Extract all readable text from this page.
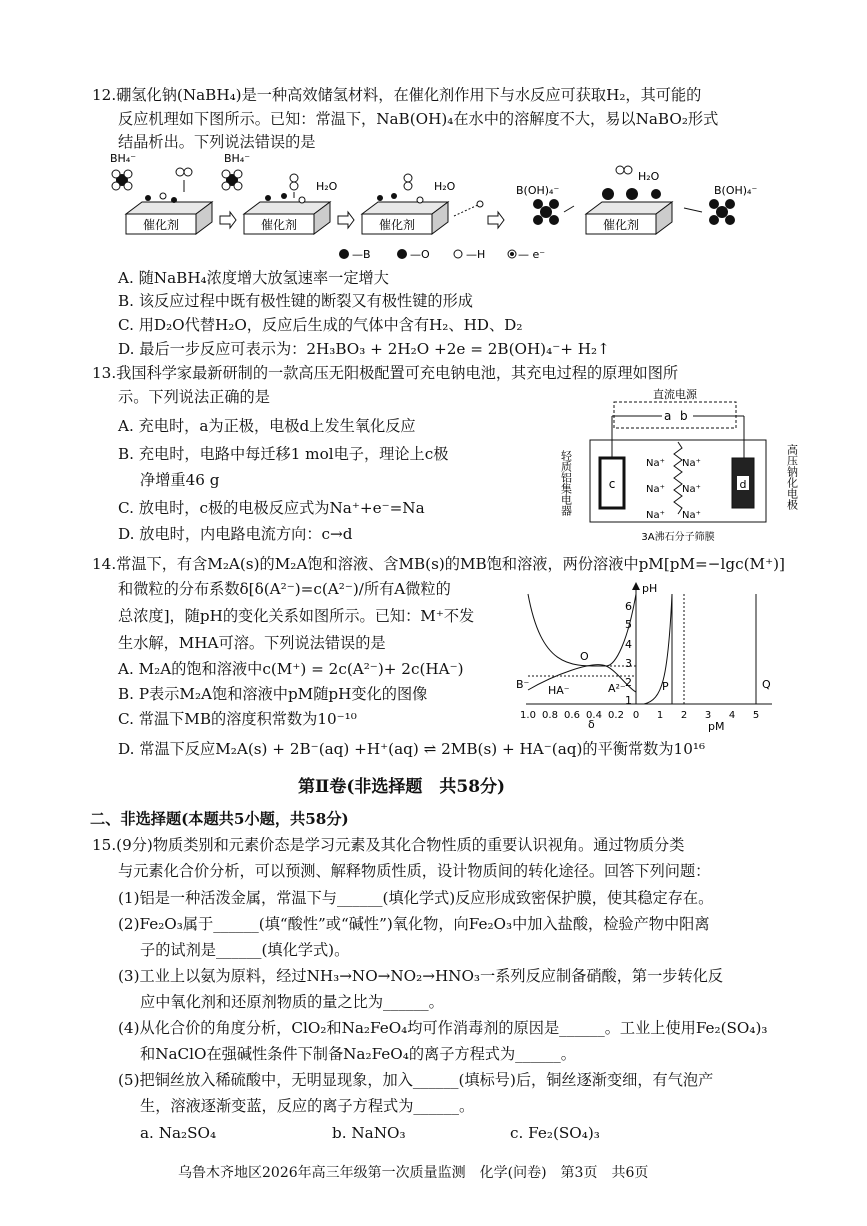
12.硼氢化钠(NaBH₄)是一种高效储氢材料，在催化剂作用下与水反应可获取H₂，其可能的
反应机理如下图所示。已知：常温下，NaB(OH)₄在水中的溶解度不大，易以NaBO₂形式
结晶析出。下列说法错误的是
催化剂	催化剂	催化剂	催化剂
BH₄⁻	BH₄⁻
H₂O	H₂O	B(OH)₄⁻
H₂O
B(OH)₄⁻
—B	—O	—H	— e⁻
A. 随NaBH₄浓度增大放氢速率一定增大
B. 该反应过程中既有极性键的断裂又有极性键的形成
C. 用D₂O代替H₂O，反应后生成的气体中含有H₂、HD、D₂
D. 最后一步反应可表示为：2H₃BO₃ + 2H₂O +2e = 2B(OH)₄⁻+ H₂↑
13.我国科学家最新研制的一款高压无阳极配置可充电钠电池，其充电过程的原理如图所
示。下列说法正确的是
A. 充电时，a为正极，电极d上发生氧化反应
B. 充电时，电路中每迁移1 mol电子，理论上c极
净增重46 g
C. 放电时，c极的电极反应式为Na⁺+e⁻=Na
D. 放电时，内电路电流方向：c→d
直流电源
a b
c	d
Na⁺ Na⁺
Na⁺ Na⁺
Na⁺ Na⁺
轻质铝集电器	高压钠化电极
3A沸石分子筛膜
14.常温下，有含M₂A(s)的M₂A饱和溶液、含MB(s)的MB饱和溶液，两份溶液中pM[pM=−lgc(M⁺)]
和微粒的分布系数δ[δ(A²⁻)=c(A²⁻)/所有A微粒的
总浓度]，随pH的变化关系如图所示。已知：M⁺不发
生水解，MHA可溶。下列说法错误的是
A. M₂A的饱和溶液中c(M⁺) = 2c(A²⁻)+ 2c(HA⁻)
B. P表示M₂A饱和溶液中pM随pH变化的图像
C. 常温下MB的溶度积常数为10⁻¹⁰
D. 常温下反应M₂A(s) + 2B⁻(aq) +H⁺(aq) ⇌ 2MB(s) + HA⁻(aq)的平衡常数为10¹⁶
pH
6
5
4
3
2
1
1.0 0.8 0.6 0.4 0.2 0 1 2 3 4 5
δ	pM
B⁻ HA⁻
O
A²⁻	P	Q
第Ⅱ卷(非选择题　共58分)
二、非选择题(本题共5小题，共58分)
15.(9分)物质类别和元素价态是学习元素及其化合物性质的重要认识视角。通过物质分类
与元素化合价分析，可以预测、解释物质性质，设计物质间的转化途径。回答下列问题：
(1)铝是一种活泼金属，常温下与______(填化学式)反应形成致密保护膜，使其稳定存在。
(2)Fe₂O₃属于______(填“酸性”或“碱性”)氧化物，向Fe₂O₃中加入盐酸，检验产物中阳离
子的试剂是______(填化学式)。
(3)工业上以氨为原料，经过NH₃→NO→NO₂→HNO₃一系列反应制备硝酸，第一步转化反
应中氧化剂和还原剂物质的量之比为______。
(4)从化合价的角度分析，ClO₂和Na₂FeO₄均可作消毒剂的原因是______。工业上使用Fe₂(SO₄)₃
和NaClO在强碱性条件下制备Na₂FeO₄的离子方程式为______。
(5)把铜丝放入稀硫酸中，无明显现象，加入______(填标号)后，铜丝逐渐变细，有气泡产
生，溶液逐渐变蓝，反应的离子方程式为______。
a. Na₂SO₄	b. NaNO₃	c. Fe₂(SO₄)₃
乌鲁木齐地区2026年高三年级第一次质量监测　化学(问卷)　第3页　共6页
